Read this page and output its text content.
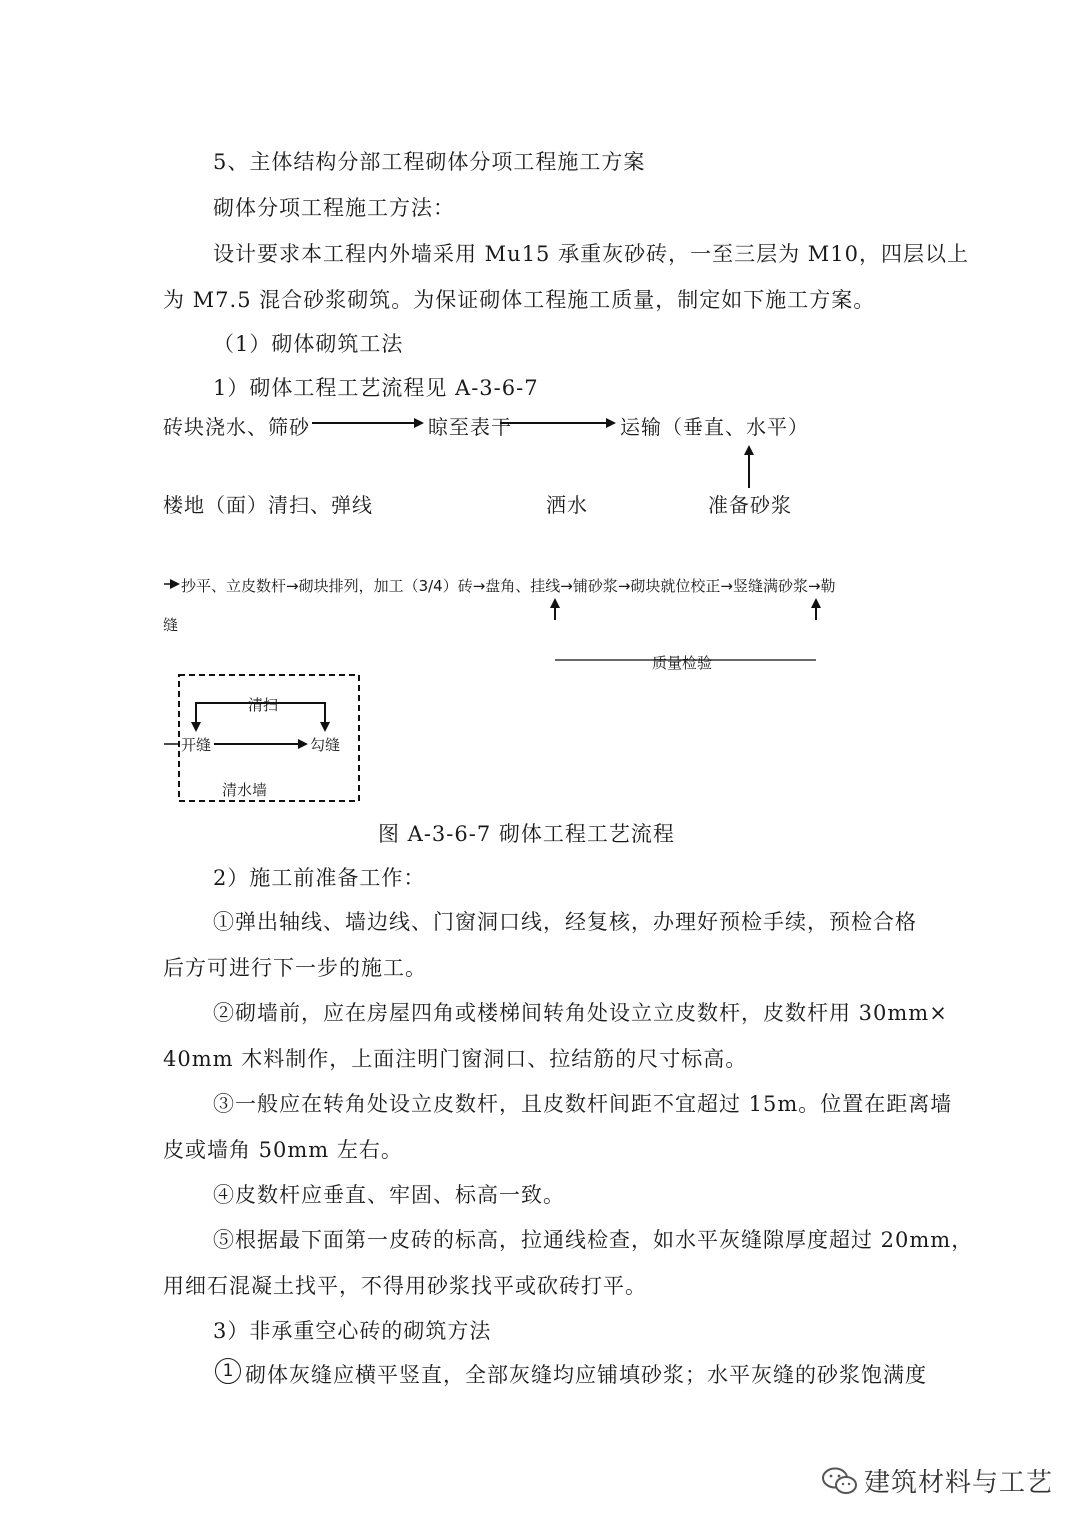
5、主体结构分部工程砌体分项工程施工方案
砌体分项工程施工方法：
设计要求本工程内外墙采用 Mu15 承重灰砂砖，一至三层为 M10，四层以上
为 M7.5 混合砂浆砌筑。为保证砌体工程施工质量，制定如下施工方案。
（1）砌体砌筑工法
1）砌体工程工艺流程见 A-3-6-7
砖块浇水、筛砂	晾至表干	运输（垂直、水平）
楼地（面）清扫、弹线	洒水	准备砂浆
抄平、立皮数杆→砌块排列，加工（3/4）砖→盘角、挂线→铺砂浆→砌块就位校正→竖缝满砂浆→勒
缝
质量检验
清扫
开缝	勾缝
清水墙
图 A-3-6-7 砌体工程工艺流程
2）施工前准备工作：
①弹出轴线、墙边线、门窗洞口线，经复核，办理好预检手续，预检合格
后方可进行下一步的施工。
②砌墙前，应在房屋四角或楼梯间转角处设立立皮数杆，皮数杆用 30mm×
40mm 木料制作，上面注明门窗洞口、拉结筋的尺寸标高。
③一般应在转角处设立皮数杆，且皮数杆间距不宜超过 15m。位置在距离墙
皮或墙角 50mm 左右。
④皮数杆应垂直、牢固、标高一致。
⑤根据最下面第一皮砖的标高，拉通线检查，如水平灰缝隙厚度超过 20mm，
用细石混凝土找平，不得用砂浆找平或砍砖打平。
3）非承重空心砖的砌筑方法
1 砌体灰缝应横平竖直，全部灰缝均应铺填砂浆；水平灰缝的砂浆饱满度
建筑材料与工艺
